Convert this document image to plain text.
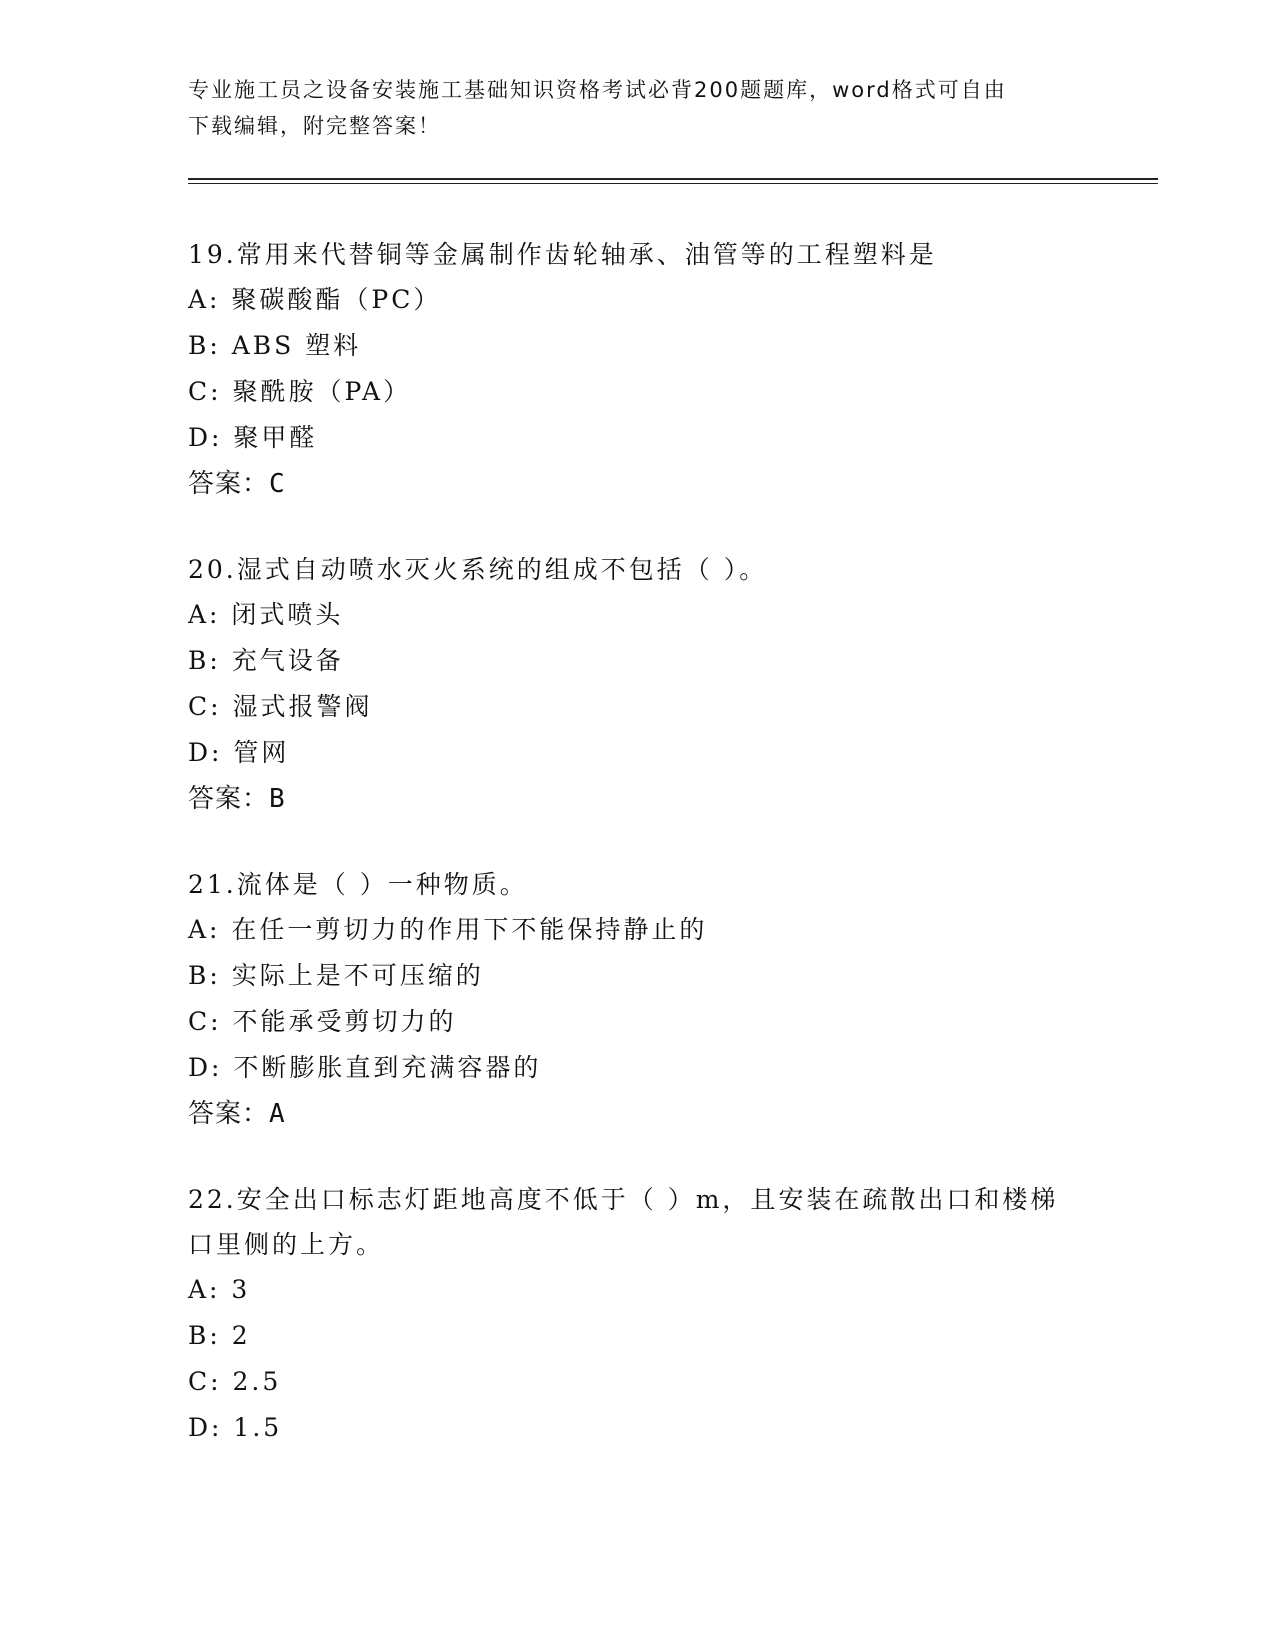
专业施工员之设备安装施工基础知识资格考试必背200题题库，word格式可自由
下载编辑，附完整答案！
19.常用来代替铜等金属制作齿轮轴承、油管等的工程塑料是
A: 聚碳酸酯（PC）
B: ABS 塑料
C: 聚酰胺（PA）
D: 聚甲醛
答案：C
20.湿式自动喷水灭火系统的组成不包括（ ）。
A: 闭式喷头
B: 充气设备
C: 湿式报警阀
D: 管网
答案：B
21.流体是（ ）一种物质。
A: 在任一剪切力的作用下不能保持静止的
B: 实际上是不可压缩的
C: 不能承受剪切力的
D: 不断膨胀直到充满容器的
答案：A
22.安全出口标志灯距地高度不低于（ ）m，且安装在疏散出口和楼梯
口里侧的上方。
A: 3
B: 2
C: 2.5
D: 1.5
